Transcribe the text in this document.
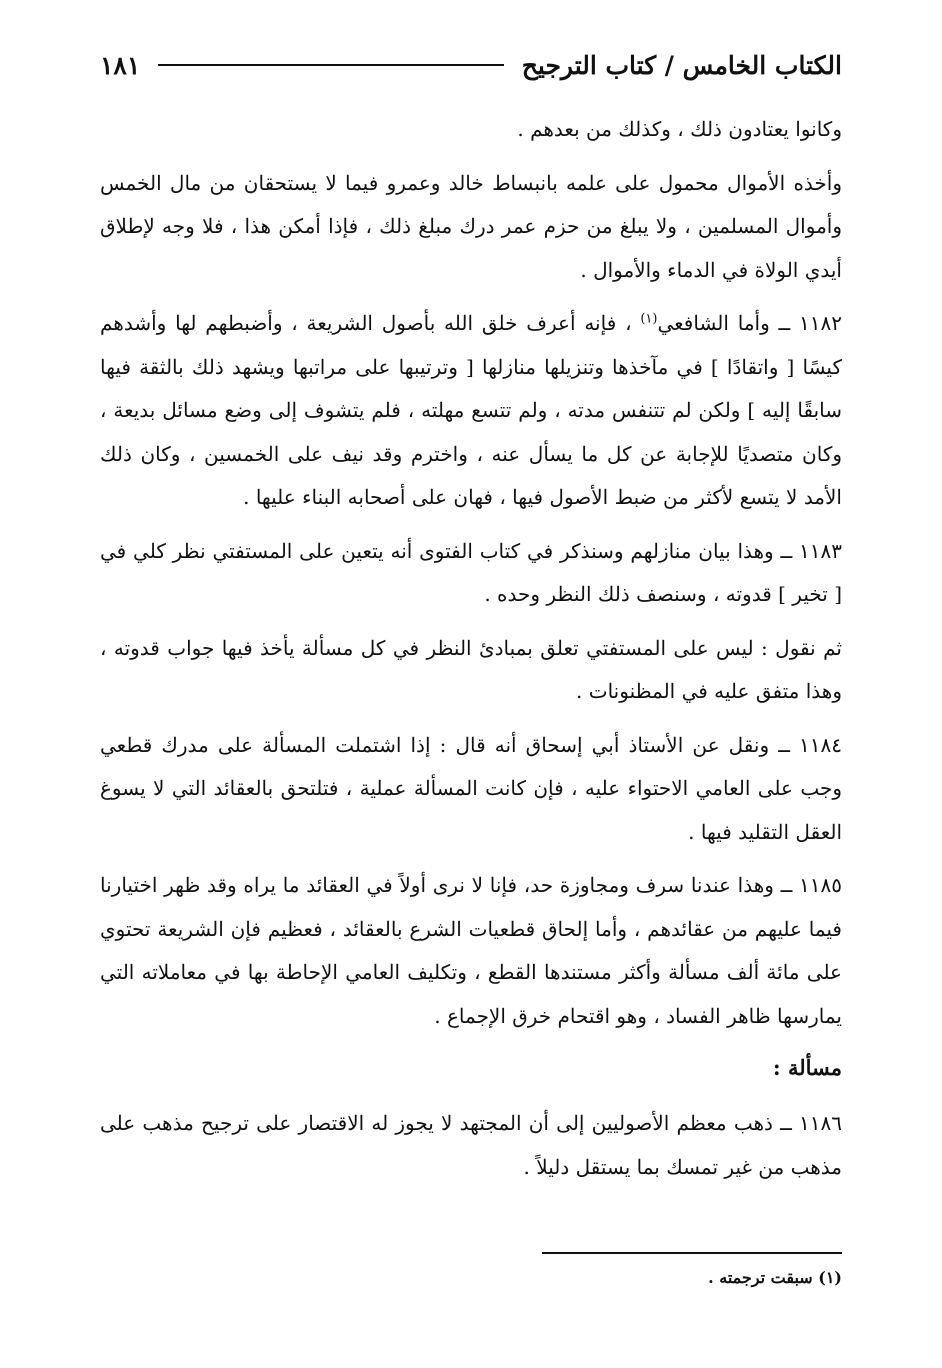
الكتاب الخامس / كتاب الترجيح
١٨١

وكانوا يعتادون ذلك ، وكذلك من بعدهم .

وأخذه الأموال محمول على علمه بانبساط خالد وعمرو فيما لا يستحقان من مال الخمس وأموال المسلمين ، ولا يبلغ من حزم عمر درك مبلغ ذلك ، فإذا أمكن هذا ، فلا وجه لإطلاق أيدي الولاة في الدماء والأموال .

١١٨٢ ــ وأما الشافعي$^{(١)}$ ، فإنه أعرف خلق الله بأصول الشريعة ، وأضبطهم لها وأشدهم كيسًا [ واتقادًا ] في مآخذها وتنزيلها منازلها [ وترتيبها على مراتبها ويشهد ذلك بالثقة فيها سابقًا إليه ] ولكن لم تتنفس مدته ، ولم تتسع مهلته ، فلم يتشوف إلى وضع مسائل بديعة ، وكان متصديًا للإجابة عن كل ما يسأل عنه ، واخترم وقد نيف على الخمسين ، وكان ذلك الأمد لا يتسع لأكثر من ضبط الأصول فيها ، فهان على أصحابه البناء عليها .

١١٨٣ ــ وهذا بيان منازلهم وسنذكر في كتاب الفتوى أنه يتعين على المستفتي نظر كلي في [ تخير ] قدوته ، وسنصف ذلك النظر وحده .

ثم نقول : ليس على المستفتي تعلق بمبادئ النظر في كل مسألة يأخذ فيها جواب قدوته ، وهذا متفق عليه في المظنونات .

١١٨٤ ــ ونقل عن الأستاذ أبي إسحاق أنه قال : إذا اشتملت المسألة على مدرك قطعي وجب على العامي الاحتواء عليه ، فإن كانت المسألة عملية ، فتلتحق بالعقائد التي لا يسوغ العقل التقليد فيها .

١١٨٥ ــ وهذا عندنا سرف ومجاوزة حد، فإنا لا نرى أولاً في العقائد ما يراه وقد ظهر اختيارنا فيما عليهم من عقائدهم ، وأما إلحاق قطعيات الشرع بالعقائد ، فعظيم فإن الشريعة تحتوي على مائة ألف مسألة وأكثر مستندها القطع ، وتكليف العامي الإحاطة بها في معاملاته التي يمارسها ظاهر الفساد ، وهو اقتحام خرق الإجماع .

مسألة :

١١٨٦ ــ ذهب معظم الأصوليين إلى أن المجتهد لا يجوز له الاقتصار على ترجيح مذهب على مذهب من غير تمسك بما يستقل دليلاً .

(١) سبقت ترجمته .
